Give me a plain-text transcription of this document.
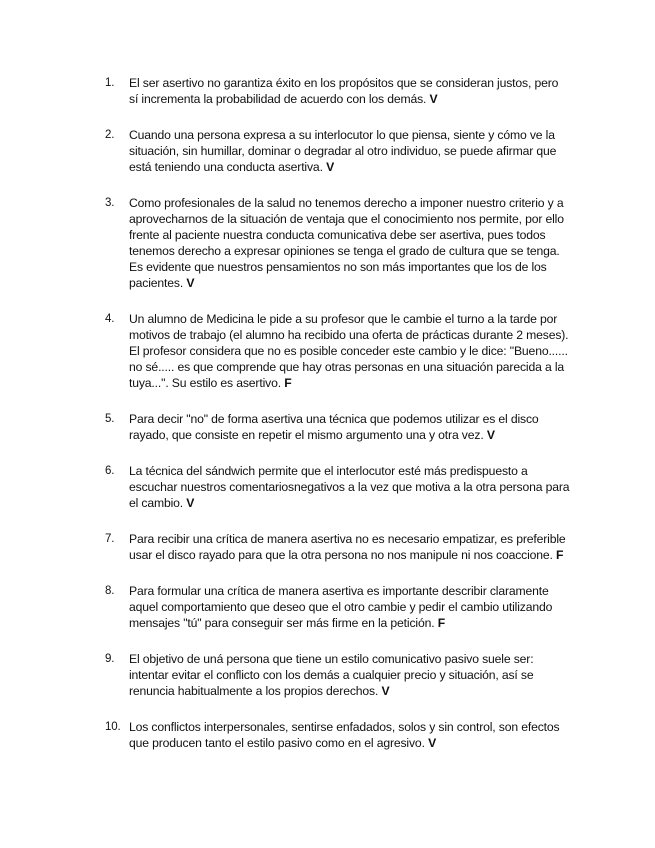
1. El ser asertivo no garantiza éxito en los propósitos que se consideran justos, pero sí incrementa la probabilidad de acuerdo con los demás. V
2. Cuando una persona expresa a su interlocutor lo que piensa, siente y cómo ve la situación, sin humillar, dominar o degradar al otro individuo, se puede afirmar que está teniendo una conducta asertiva. V
3. Como profesionales de la salud no tenemos derecho a imponer nuestro criterio y a aprovecharnos de la situación de ventaja que el conocimiento nos permite, por ello frente al paciente nuestra conducta comunicativa debe ser asertiva, pues todos tenemos derecho a expresar opiniones se tenga el grado de cultura que se tenga. Es evidente que nuestros pensamientos no son más importantes que los de los pacientes. V
4. Un alumno de Medicina le pide a su profesor que le cambie el turno a la tarde por motivos de trabajo (el alumno ha recibido una oferta de prácticas durante 2 meses). El profesor considera que no es posible conceder este cambio y le dice: "Bueno...... no sé..... es que comprende que hay otras personas en una situación parecida a la tuya...". Su estilo es asertivo. F
5. Para decir "no" de forma asertiva una técnica que podemos utilizar es el disco rayado, que consiste en repetir el mismo argumento una y otra vez. V
6. La técnica del sándwich permite que el interlocutor esté más predispuesto a escuchar nuestros comentariosnegativos a la vez que motiva a la otra persona para el cambio. V
7. Para recibir una crítica de manera asertiva no es necesario empatizar, es preferible usar el disco rayado para que la otra persona no nos manipule ni nos coaccione. F
8. Para formular una crítica de manera asertiva es importante describir claramente aquel comportamiento que deseo que el otro cambie y pedir el cambio utilizando mensajes "tú" para conseguir ser más firme en la petición. F
9. El objetivo de uná persona que tiene un estilo comunicativo pasivo suele ser: intentar evitar el conflicto con los demás a cualquier precio y situación, así se renuncia habitualmente a los propios derechos. V
10. Los conflictos interpersonales, sentirse enfadados, solos y sin control, son efectos que producen tanto el estilo pasivo como en el agresivo. V
